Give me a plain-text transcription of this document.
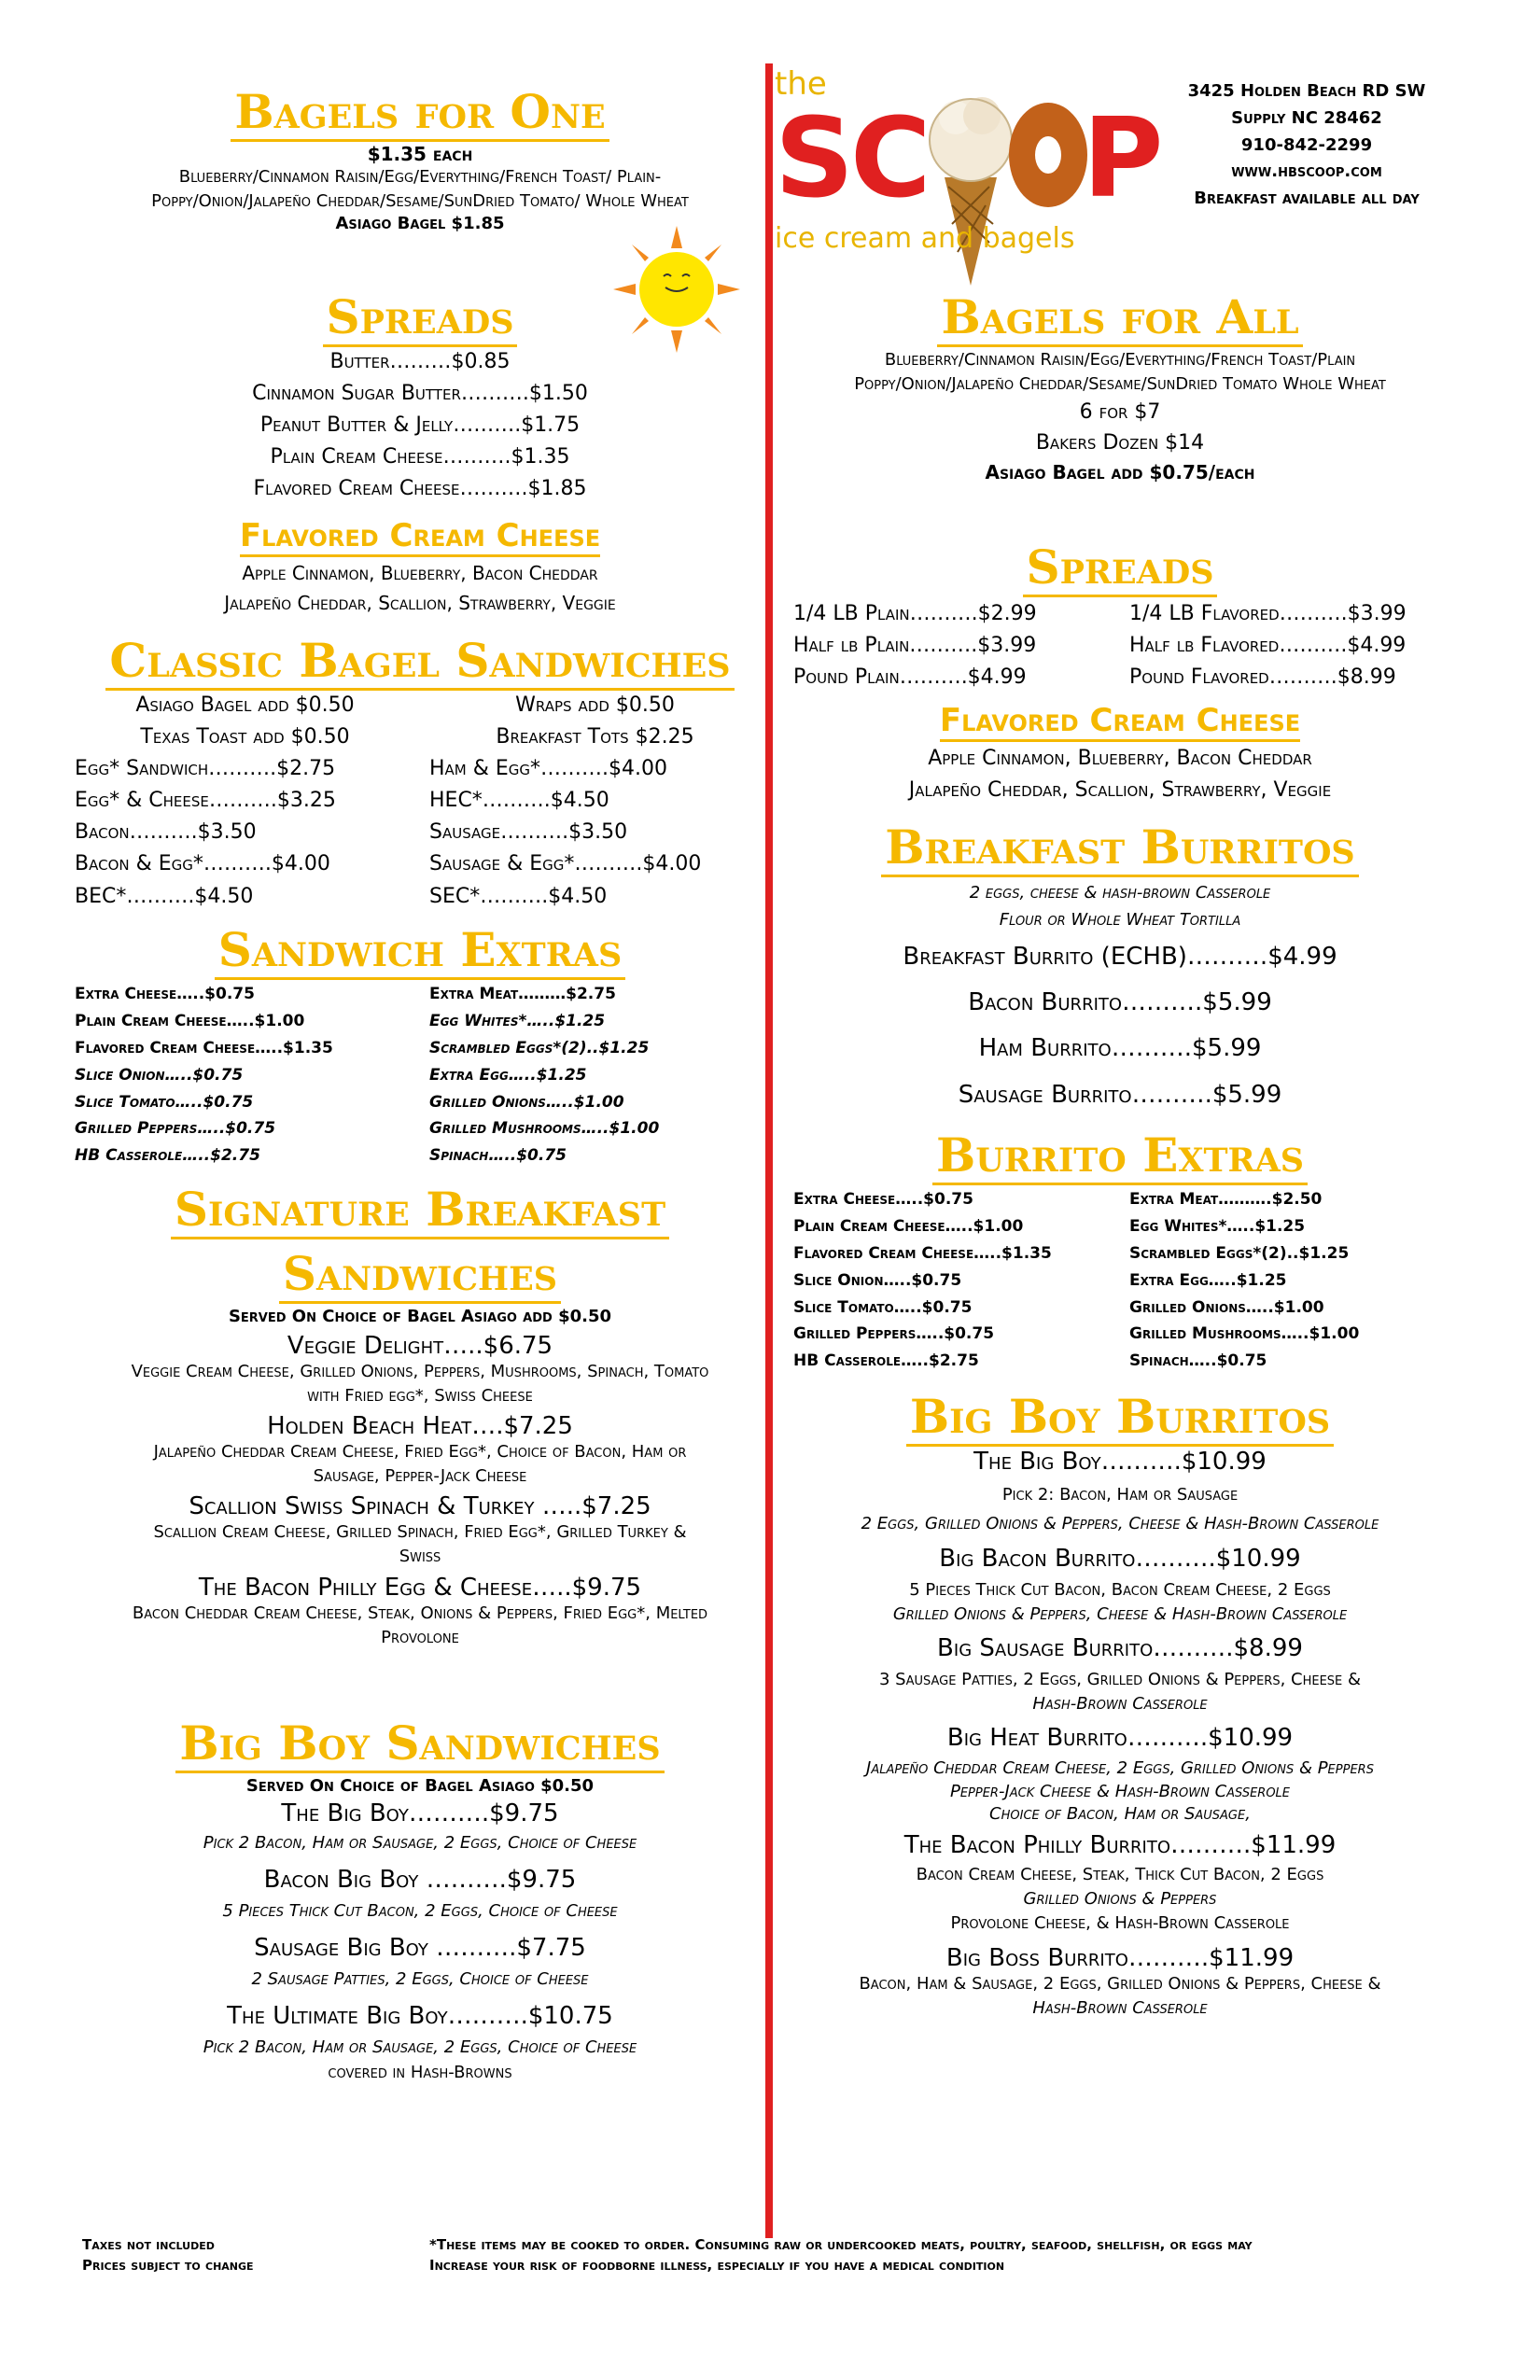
Bagels for One
$1.35 each
Blueberry/Cinnamon Raisin/Egg/Everything/French Toast/ Plain-Poppy/Onion/Jalapeño Cheddar/Sesame/SunDried Tomato/ Whole Wheat
Asiago Bagel $1.85
Spreads
Butter………$0.85
Cinnamon Sugar Butter……….$1.50
Peanut Butter & Jelly……….$1.75
Plain Cream Cheese……….$1.35
Flavored Cream Cheese……….$1.85
Flavored Cream Cheese
Apple Cinnamon, Blueberry, Bacon Cheddar
Jalapeño Cheddar, Scallion, Strawberry, Veggie
Classic Bagel Sandwiches
Asiago Bagel add $0.50	Wraps add $0.50
Texas Toast add $0.50	Breakfast Tots $2.25
Egg* Sandwich……….$2.75
Egg* & Cheese……….$3.25
Bacon……….$3.50
Bacon & Egg*……….$4.00
BEC*……….$4.50
Ham & Egg*……….$4.00
HEC*……….$4.50
Sausage……….$3.50
Sausage & Egg*……….$4.00
SEC*……….$4.50
Sandwich Extras
Extra Cheese…..$0.75
Plain Cream Cheese…..$1.00
Flavored Cream Cheese…..$1.35
Slice Onion…..$0.75
Slice Tomato…..$0.75
Grilled Peppers…..$0.75
HB Casserole…..$2.75
Extra Meat………$2.75
Egg Whites*…..$1.25
Scrambled Eggs*(2)..$1.25
Extra Egg…..$1.25
Grilled Onions…..$1.00
Grilled Mushrooms…..$1.00
Spinach…..$0.75
Signature Breakfast
Sandwiches
Served On Choice of Bagel Asiago add $0.50
Veggie Delight…..$6.75
Veggie Cream Cheese, Grilled Onions, Peppers, Mushrooms, Spinach, Tomato with Fried egg*, Swiss Cheese
Holden Beach Heat….$7.25
Jalapeño Cheddar Cream Cheese, Fried Egg*, Choice of Bacon, Ham or Sausage, Pepper-Jack Cheese
Scallion Swiss Spinach & Turkey …..$7.25
Scallion Cream Cheese, Grilled Spinach, Fried Egg*, Grilled Turkey & Swiss
The Bacon Philly Egg & Cheese…..$9.75
Bacon Cheddar Cream Cheese, Steak, Onions & Peppers, Fried Egg*, Melted Provolone
Big Boy Sandwiches
Served On Choice of Bagel Asiago $0.50
The Big Boy……….$9.75
Pick 2 Bacon, Ham or Sausage, 2 Eggs, Choice of Cheese
Bacon Big Boy ……….$9.75
5 Pieces Thick Cut Bacon, 2 Eggs, Choice of Cheese
Sausage Big Boy ……….$7.75
2 Sausage Patties, 2 Eggs, Choice of Cheese
The Ultimate Big Boy……….$10.75
Pick 2 Bacon, Ham or Sausage, 2 Eggs, Choice of Cheese
covered in Hash-Browns
the
SC P
ice cream and bagels
3425 Holden Beach RD SW
Supply NC 28462
910-842-2299
www.hbscoop.com
Breakfast available all day
Bagels for All
Blueberry/Cinnamon Raisin/Egg/Everything/French Toast/Plain Poppy/Onion/Jalapeño Cheddar/Sesame/SunDried Tomato Whole Wheat
6 for $7
Bakers Dozen $14
Asiago Bagel add $0.75/each
Spreads
1/4 LB Plain……….$2.99
Half lb Plain……….$3.99
Pound Plain……….$4.99
1/4 LB Flavored……….$3.99
Half lb Flavored……….$4.99
Pound Flavored……….$8.99
Flavored Cream Cheese
Apple Cinnamon, Blueberry, Bacon Cheddar
Jalapeño Cheddar, Scallion, Strawberry, Veggie
Breakfast Burritos
2 eggs, cheese & hash-brown Casserole
Flour or Whole Wheat Tortilla
Breakfast Burrito (ECHB)……….$4.99
Bacon Burrito……….$5.99
Ham Burrito……….$5.99
Sausage Burrito……….$5.99
Burrito Extras
Extra Cheese…..$0.75
Plain Cream Cheese…..$1.00
Flavored Cream Cheese…..$1.35
Slice Onion…..$0.75
Slice Tomato…..$0.75
Grilled Peppers…..$0.75
HB Casserole…..$2.75
Extra Meat……….$2.50
Egg Whites*…..$1.25
Scrambled Eggs*(2)..$1.25
Extra Egg…..$1.25
Grilled Onions…..$1.00
Grilled Mushrooms…..$1.00
Spinach…..$0.75
Big Boy Burritos
The Big Boy……….$10.99
Pick 2: Bacon, Ham or Sausage
2 Eggs, Grilled Onions & Peppers, Cheese & Hash-Brown Casserole
Big Bacon Burrito……….$10.99
5 Pieces Thick Cut Bacon, Bacon Cream Cheese, 2 Eggs
Grilled Onions & Peppers, Cheese & Hash-Brown Casserole
Big Sausage Burrito……….$8.99
3 Sausage Patties, 2 Eggs, Grilled Onions & Peppers, Cheese &
Hash-Brown Casserole
Big Heat Burrito……….$10.99
Jalapeño Cheddar Cream Cheese, 2 Eggs, Grilled Onions & Peppers
Pepper-Jack Cheese & Hash-Brown Casserole
Choice of Bacon, Ham or Sausage,
The Bacon Philly Burrito……….$11.99
Bacon Cream Cheese, Steak, Thick Cut Bacon, 2 Eggs
Grilled Onions & Peppers
Provolone Cheese, & Hash-Brown Casserole
Big Boss Burrito……….$11.99
Bacon, Ham & Sausage, 2 Eggs, Grilled Onions & Peppers, Cheese &
Hash-Brown Casserole
Taxes not included
Prices subject to change
*These items may be cooked to order. Consuming raw or undercooked meats, poultry, seafood, shellfish, or eggs may
Increase your risk of foodborne illness, especially if you have a medical condition
